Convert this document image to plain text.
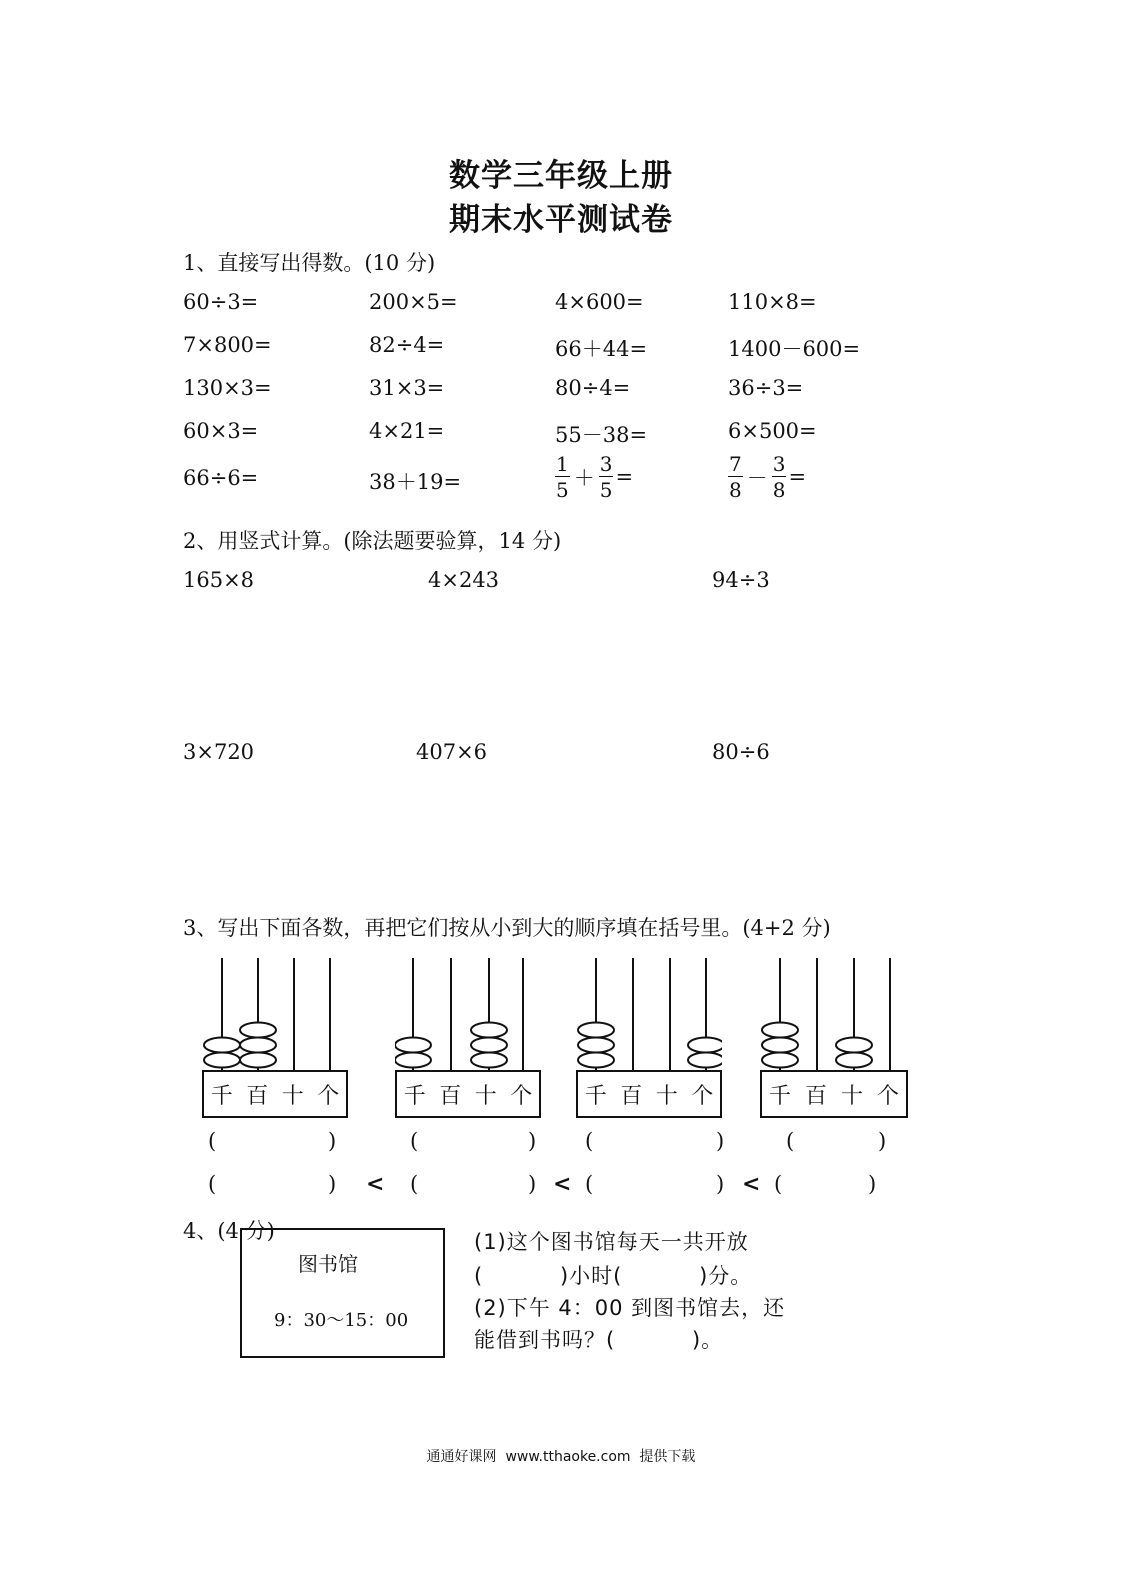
数学三年级上册
期末水平测试卷
1、直接写出得数。(10 分)
60÷3=	200×5=	4×600=	110×8=
7×800=	82÷4=	66＋44=	1400－600=
130×3=	31×3=	80÷4=	36÷3=
60×3=	4×21=	55－38=	6×500=
66÷6=	38＋19=	$\frac{1}{5} + \frac{3}{5}$ =	$\frac{7}{8} - \frac{3}{8}$ =
2、用竖式计算。(除法题要验算，14 分)
165×8	4×243	94÷3
3×720	407×6	80÷6
3、写出下面各数，再把它们按从小到大的顺序填在括号里。(4+2 分)
千 百 十 个	千 百 十 个 千 百 十 个	千 百 十 个
(	)	(	) (	)	(	)
(	) < (	) < (	) < (	)
4、(4 分)
图书馆
9：30～15：00
(1)这个图书馆每天一共开放
(          )小时(          )分。
(2)下午 4：00 到图书馆去，还
能借到书吗？(          )。
通通好课网  www.tthaoke.com  提供下载
